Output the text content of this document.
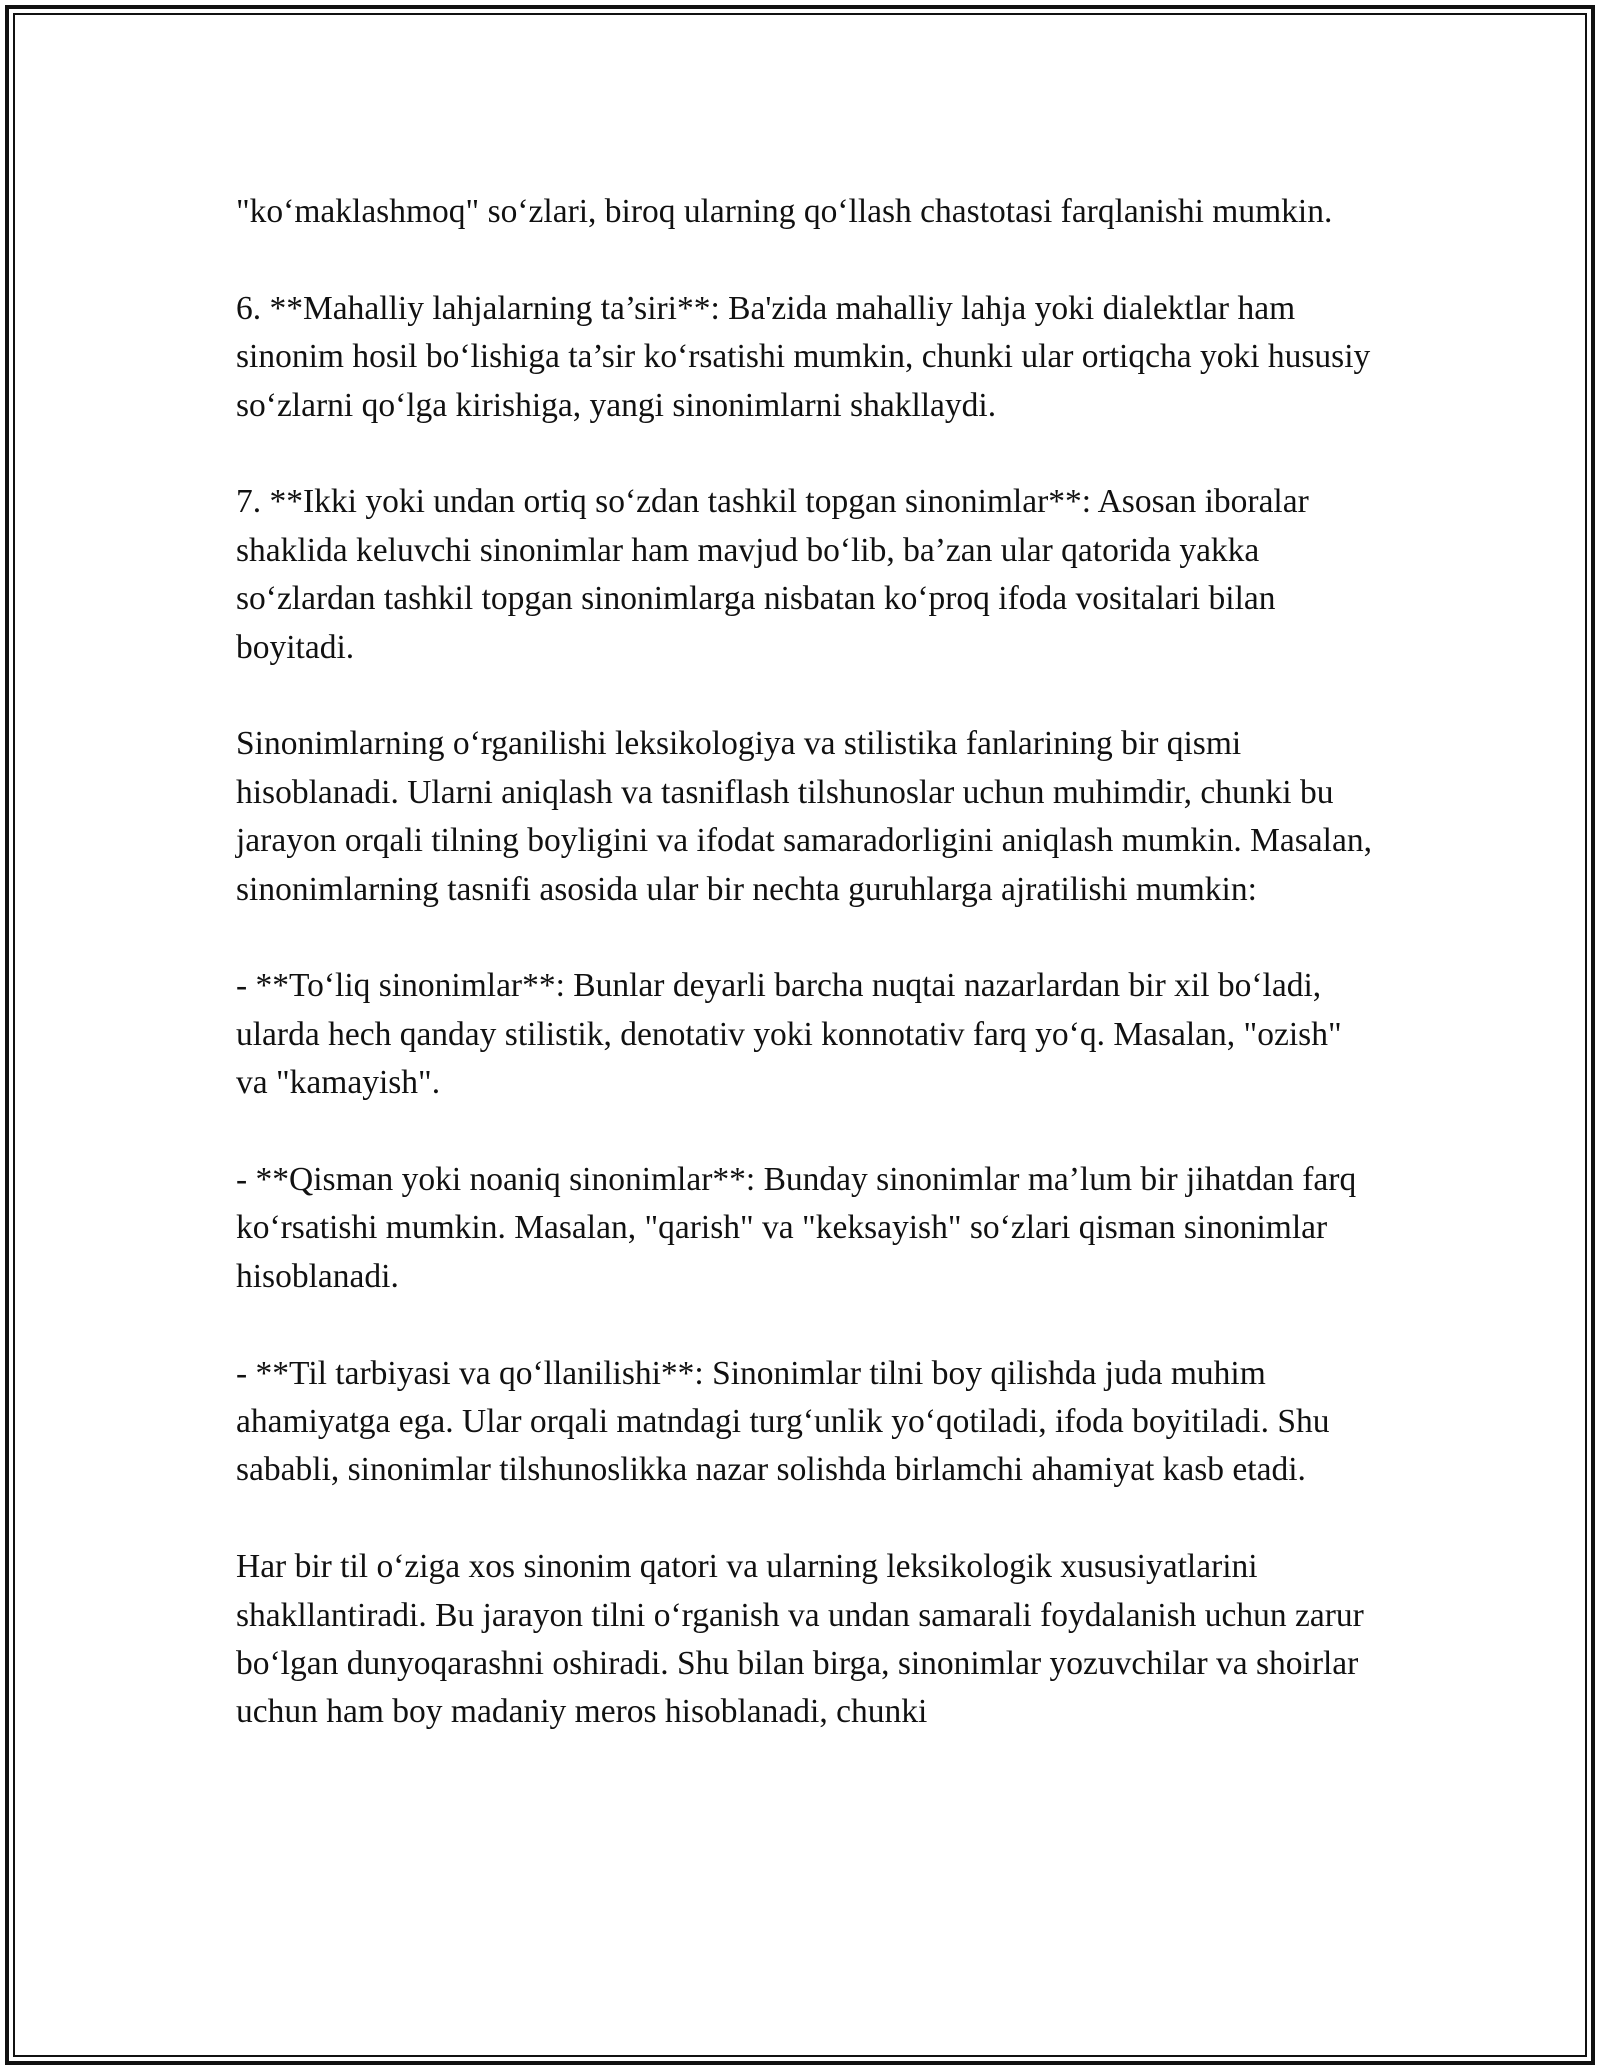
"ko‘maklashmoq" so‘zlari, biroq ularning qo‘llash chastotasi farqlanishi mumkin.

6. **Mahalliy lahjalarning ta’siri**: Ba'zida mahalliy lahja yoki dialektlar ham sinonim hosil bo‘lishiga ta’sir ko‘rsatishi mumkin, chunki ular ortiqcha yoki hususiy so‘zlarni qo‘lga kirishiga, yangi sinonimlarni shakllaydi.

7. **Ikki yoki undan ortiq so‘zdan tashkil topgan sinonimlar**: Asosan iboralar shaklida keluvchi sinonimlar ham mavjud bo‘lib, ba’zan ular qatorida yakka so‘zlardan tashkil topgan sinonimlarga nisbatan ko‘proq ifoda vositalari bilan boyitadi.

Sinonimlarning o‘rganilishi leksikologiya va stilistika fanlarining bir qismi hisoblanadi. Ularni aniqlash va tasniflash tilshunoslar uchun muhimdir, chunki bu jarayon orqali tilning boyligini va ifodat samaradorligini aniqlash mumkin. Masalan, sinonimlarning tasnifi asosida ular bir nechta guruhlarga ajratilishi mumkin:

- **To‘liq sinonimlar**: Bunlar deyarli barcha nuqtai nazarlardan bir xil bo‘ladi, ularda hech qanday stilistik, denotativ yoki konnotativ farq yo‘q. Masalan, "ozish" va "kamayish".

- **Qisman yoki noaniq sinonimlar**: Bunday sinonimlar ma’lum bir jihatdan farq ko‘rsatishi mumkin. Masalan, "qarish" va "keksayish" so‘zlari qisman sinonimlar hisoblanadi.

- **Til tarbiyasi va qo‘llanilishi**: Sinonimlar tilni boy qilishda juda muhim ahamiyatga ega. Ular orqali matndagi turg‘unlik yo‘qotiladi, ifoda boyitiladi. Shu sababli, sinonimlar tilshunoslikka nazar solishda birlamchi ahamiyat kasb etadi.

Har bir til o‘ziga xos sinonim qatori va ularning leksikologik xususiyatlarini shakllantiradi. Bu jarayon tilni o‘rganish va undan samarali foydalanish uchun zarur bo‘lgan dunyoqarashni oshiradi. Shu bilan birga, sinonimlar yozuvchilar va shoirlar uchun ham boy madaniy meros hisoblanadi, chunki
